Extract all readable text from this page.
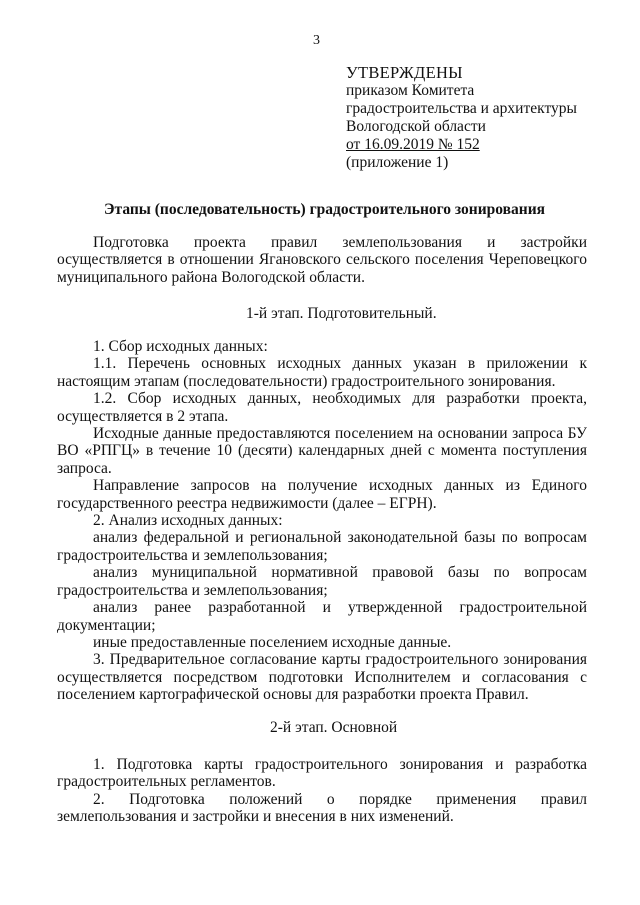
3
УТВЕРЖДЕНЫ
приказом Комитета
градостроительства и архитектуры
Вологодской области
от 16.09.2019 № 152
(приложение 1)
Этапы (последовательность) градостроительного зонирования

Подготовка проекта правил землепользования и застройки осуществляется в отношении Ягановского сельского поселения Череповецкого муниципального района Вологодской области.

1-й этап. Подготовительный.

1. Сбор исходных данных:

1.1. Перечень основных исходных данных указан в приложении к настоящим этапам (последовательности) градостроительного зонирования.

1.2. Сбор исходных данных, необходимых для разработки проекта, осуществляется в 2 этапа.

Исходные данные предоставляются поселением на основании запроса БУ ВО «РПГЦ» в течение 10 (десяти) календарных дней с момента поступления запроса.

Направление запросов на получение исходных данных из Единого государственного реестра недвижимости (далее – ЕГРН).

2. Анализ исходных данных:

анализ федеральной и региональной законодательной базы по вопросам градостроительства и землепользования;

анализ муниципальной нормативной правовой базы по вопросам градостроительства и землепользования;

анализ ранее разработанной и утвержденной градостроительной документации;

иные предоставленные поселением исходные данные.

3. Предварительное согласование карты градостроительного зонирования осуществляется посредством подготовки Исполнителем и согласования с поселением картографической основы для разработки проекта Правил.

2-й этап. Основной

1. Подготовка карты градостроительного зонирования и разработка градостроительных регламентов.

2. Подготовка положений о порядке применения правил землепользования и застройки и внесения в них изменений.
